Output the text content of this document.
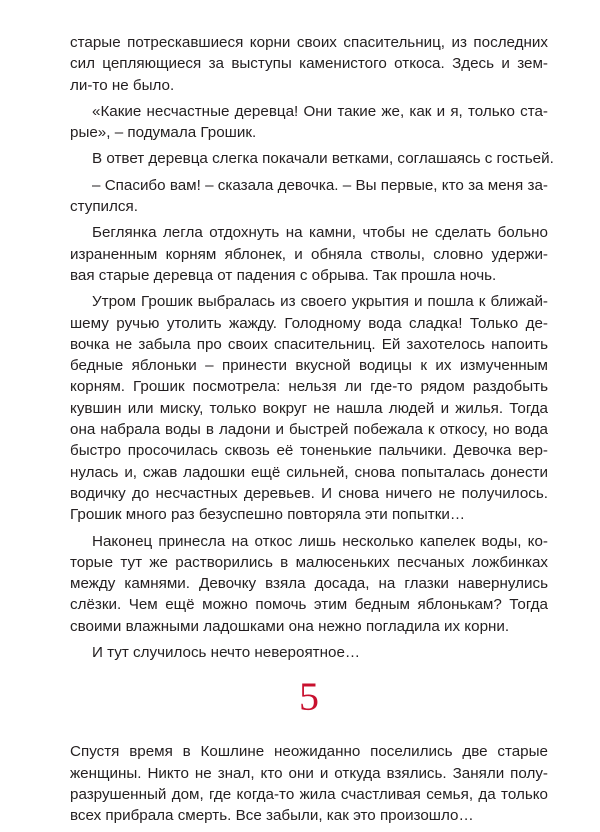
старые потрескавшиеся корни своих спасительниц, из последних
сил цепляющиеся за выступы каменистого откоса. Здесь и зем-
ли-то не было.
«Какие несчастные деревца! Они такие же, как и я, только ста-
рые», – подумала Грошик.
В ответ деревца слегка покачали ветками, соглашаясь с гостьей.
– Спасибо вам! – сказала девочка. – Вы первые, кто за меня за-
ступился.
Беглянка легла отдохнуть на камни, чтобы не сделать больно
израненным корням яблонек, и обняла стволы, словно удержи-
вая старые деревца от падения с обрыва. Так прошла ночь.
Утром Грошик выбралась из своего укрытия и пошла к ближай-
шему ручью утолить жажду. Голодному вода сладка! Только де-
вочка не забыла про своих спасительниц. Ей захотелось напоить
бедные яблоньки – принести вкусной водицы к их измученным
корням. Грошик посмотрела: нельзя ли где-то рядом раздобыть
кувшин или миску, только вокруг не нашла людей и жилья. Тогда
она набрала воды в ладони и быстрей побежала к откосу, но вода
быстро просочилась сквозь её тоненькие пальчики. Девочка вер-
нулась и, сжав ладошки ещё сильней, снова попыталась донести
водичку до несчастных деревьев. И снова ничего не получилось.
Грошик много раз безуспешно повторяла эти попытки…
Наконец принесла на откос лишь несколько капелек воды, ко-
торые тут же растворились в малюсеньких песчаных ложбинках
между камнями. Девочку взяла досада, на глазки навернулись
слёзки. Чем ещё можно помочь этим бедным яблонькам? Тогда
своими влажными ладошками она нежно погладила их корни.
И тут случилось нечто невероятное…
5
Спустя время в Кошлине неожиданно поселились две старые
женщины. Никто не знал, кто они и откуда взялись. Заняли полу-
разрушенный дом, где когда-то жила счастливая семья, да только
всех прибрала смерть. Все забыли, как это произошло…
